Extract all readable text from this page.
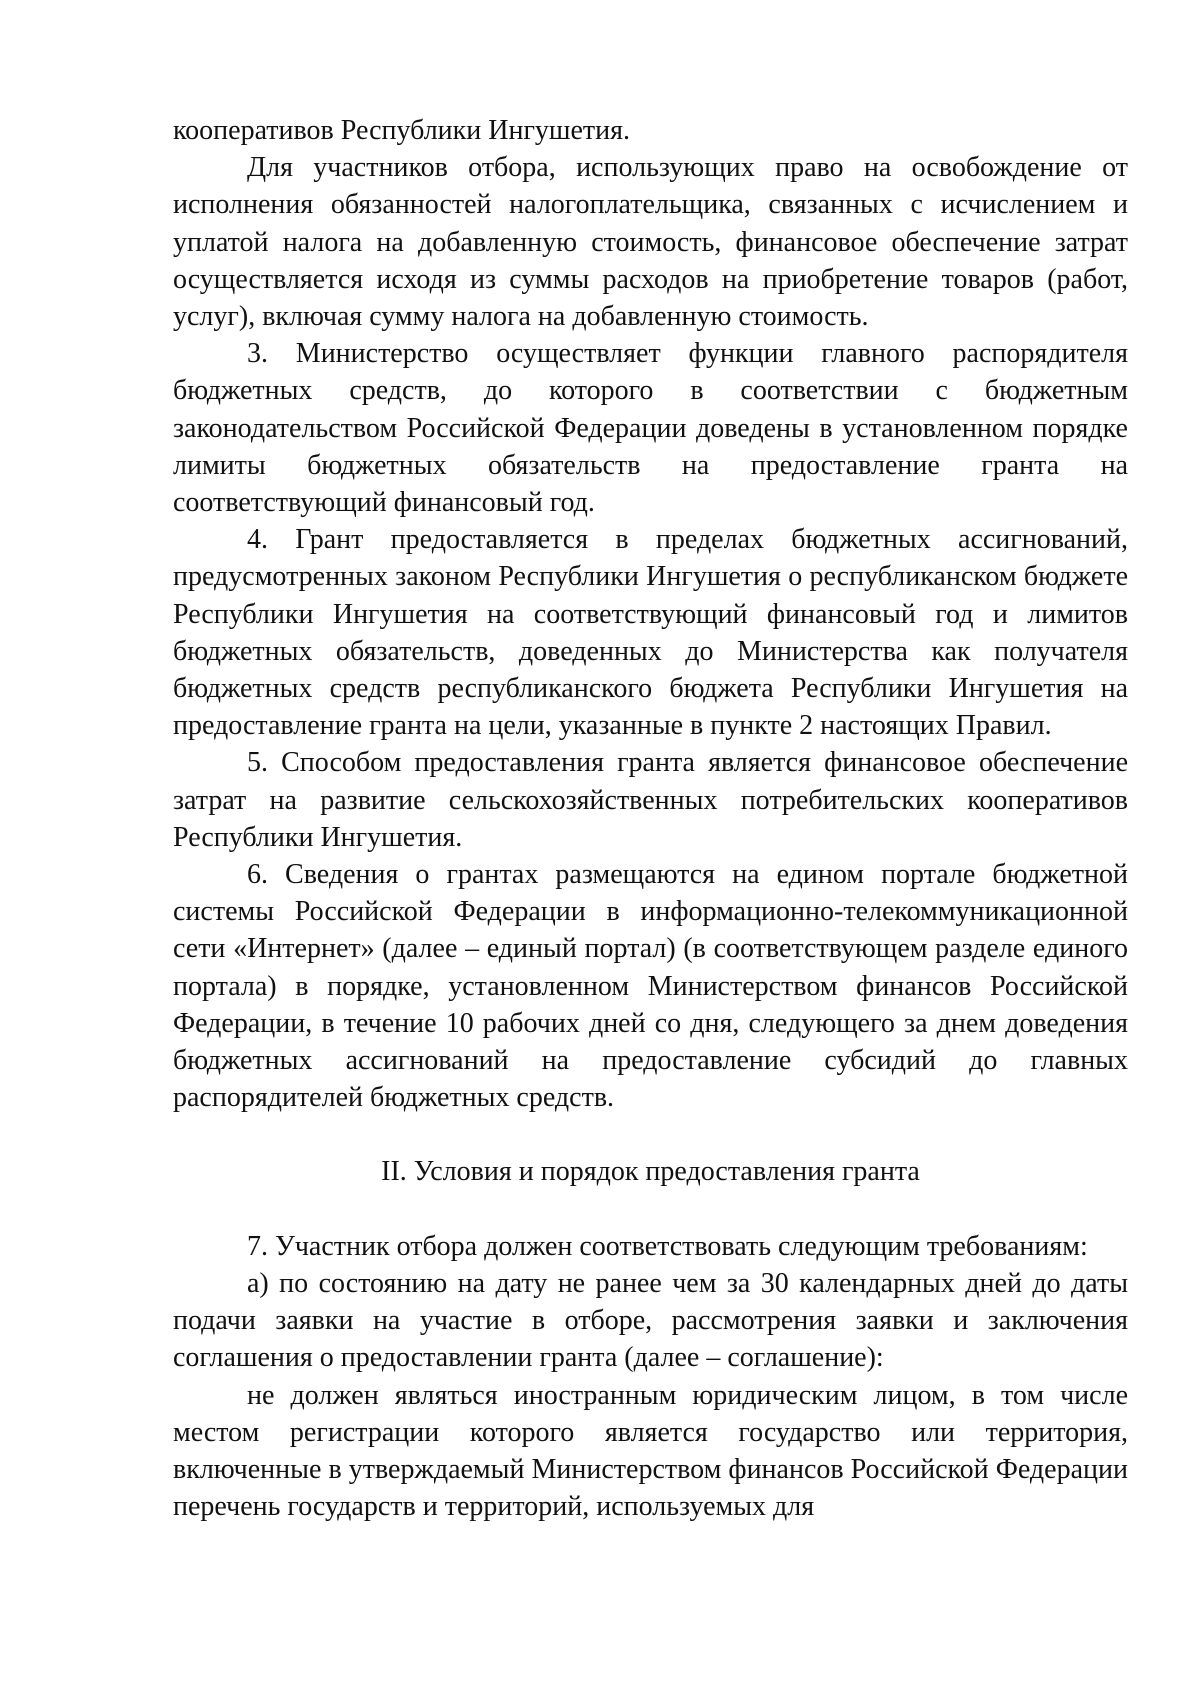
кооперативов Республики Ингушетия.

Для участников отбора, использующих право на освобождение от исполнения обязанностей налогоплательщика, связанных с исчислением и уплатой налога на добавленную стоимость, финансовое обеспечение затрат осуществляется исходя из суммы расходов на приобретение товаров (работ, услуг), включая сумму налога на добавленную стоимость.

3. Министерство осуществляет функции главного распорядителя бюджетных средств, до которого в соответствии с бюджетным законодательством Российской Федерации доведены в установленном порядке лимиты бюджетных обязательств на предоставление гранта на соответствующий финансовый год.

4. Грант предоставляется в пределах бюджетных ассигнований, предусмотренных законом Республики Ингушетия о республиканском бюджете Республики Ингушетия на соответствующий финансовый год и лимитов бюджетных обязательств, доведенных до Министерства как получателя бюджетных средств республиканского бюджета Республики Ингушетия на предоставление гранта на цели, указанные в пункте 2 настоящих Правил.

5. Способом предоставления гранта является финансовое обеспечение затрат на развитие сельскохозяйственных потребительских кооперативов Республики Ингушетия.

6. Сведения о грантах размещаются на едином портале бюджетной системы Российской Федерации в информационно-телекоммуникационной сети «Интернет» (далее – единый портал) (в соответствующем разделе единого портала) в порядке, установленном Министерством финансов Российской Федерации, в течение 10 рабочих дней со дня, следующего за днем доведения бюджетных ассигнований на предоставление субсидий до главных распорядителей бюджетных средств.

II. Условия и порядок предоставления гранта

7. Участник отбора должен соответствовать следующим требованиям:

а) по состоянию на дату не ранее чем за 30 календарных дней до даты подачи заявки на участие в отборе, рассмотрения заявки и заключения соглашения о предоставлении гранта (далее – соглашение):

не должен являться иностранным юридическим лицом, в том числе местом регистрации которого является государство или территория, включенные в утверждаемый Министерством финансов Российской Федерации перечень государств и территорий, используемых для
